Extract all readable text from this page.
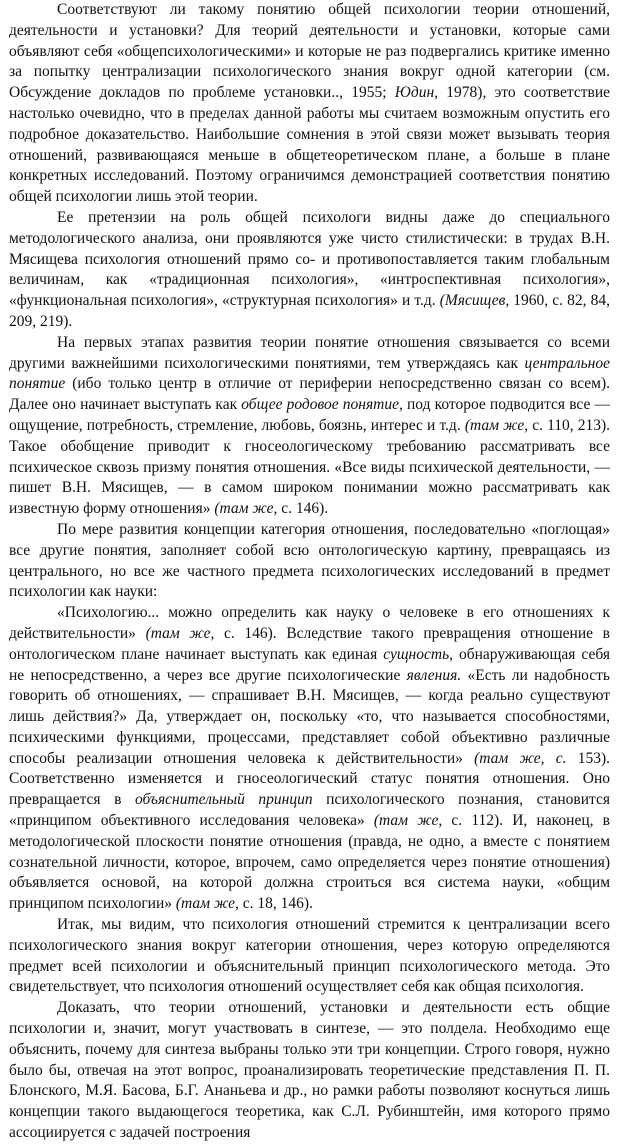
Соответствуют ли такому понятию общей психологии теории отношений, деятельности и установки? Для теорий деятельности и установки, которые сами объявляют себя «общепсихологическими» и которые не раз подвергались критике именно за попытку централизации психологического знания вокруг одной категории (см. Обсуждение докладов по проблеме установки.., 1955; Юдин, 1978), это соответствие настолько очевидно, что в пределах данной работы мы считаем возможным опустить его подробное доказательство. Наибольшие сомнения в этой связи может вызывать теория отношений, развивающаяся меньше в общетеоретическом плане, а больше в плане конкретных исследований. Поэтому ограничимся демонстрацией соответствия понятию общей психологии лишь этой теории.

Ее претензии на роль общей психологи видны даже до специального методологического анализа, они проявляются уже чисто стилистически: в трудах В.Н. Мясищева психология отношений прямо со- и противопоставляется таким глобальным величинам, как «традиционная психология», «интроспективная психология», «функциональная психология», «структурная психология» и т.д. (Мясищев, 1960, с. 82, 84, 209, 219).

На первых этапах развития теории понятие отношения связывается со всеми другими важнейшими психологическими понятиями, тем утверждаясь как центральное понятие (ибо только центр в отличие от периферии непосредственно связан со всем). Далее оно начинает выступать как общее родовое понятие, под которое подводится все — ощущение, потребность, стремление, любовь, боязнь, интерес и т.д. (там же, с. 110, 213). Такое обобщение приводит к гносеологическому требованию рассматривать все психическое сквозь призму понятия отношения. «Все виды психической деятельности, — пишет В.Н. Мясищев, — в самом широком понимании можно рассматривать как известную форму отношения» (там же, с. 146).

По мере развития концепции категория отношения, последовательно «поглощая» все другие понятия, заполняет собой всю онтологическую картину, превращаясь из центрального, но все же частного предмета психологических исследований в предмет психологии как науки:

«Психологию... можно определить как науку о человеке в его отношениях к действительности» (там же, с. 146). Вследствие такого превращения отношение в онтологическом плане начинает выступать как единая сущность, обнаруживающая себя не непосредственно, а через все другие психологические явления. «Есть ли надобность говорить об отношениях, — спрашивает В.Н. Мясищев, — когда реально существуют лишь действия?» Да, утверждает он, поскольку «то, что называется способностями, психическими функциями, процессами, представляет собой объективно различные способы реализации отношения человека к действительности» (там же, с. 153). Соответственно изменяется и гносеологический статус понятия отношения. Оно превращается в объяснительный принцип психологического познания, становится «принципом объективного исследования человека» (там же, с. 112). И, наконец, в методологической плоскости понятие отношения (правда, не одно, а вместе с понятием сознательной личности, которое, впрочем, само определяется через понятие отношения) объявляется основой, на которой должна строиться вся система науки, «общим принципом психологии» (там же, с. 18, 146).

Итак, мы видим, что психология отношений стремится к централизации всего психологического знания вокруг категории отношения, через которую определяются предмет всей психологии и объяснительный принцип психологического метода. Это свидетельствует, что психология отношений осуществляет себя как общая психология.

Доказать, что теории отношений, установки и деятельности есть общие психологии и, значит, могут участвовать в синтезе, — это полдела. Необходимо еще объяснить, почему для синтеза выбраны только эти три концепции. Строго говоря, нужно было бы, отвечая на этот вопрос, проанализировать теоретические представления П. П. Блонского, М.Я. Басова, Б.Г. Ананьева и др., но рамки работы позволяют коснуться лишь концепции такого выдающегося теоретика, как С.Л. Рубинштейн, имя которого прямо ассоциируется с задачей построения
